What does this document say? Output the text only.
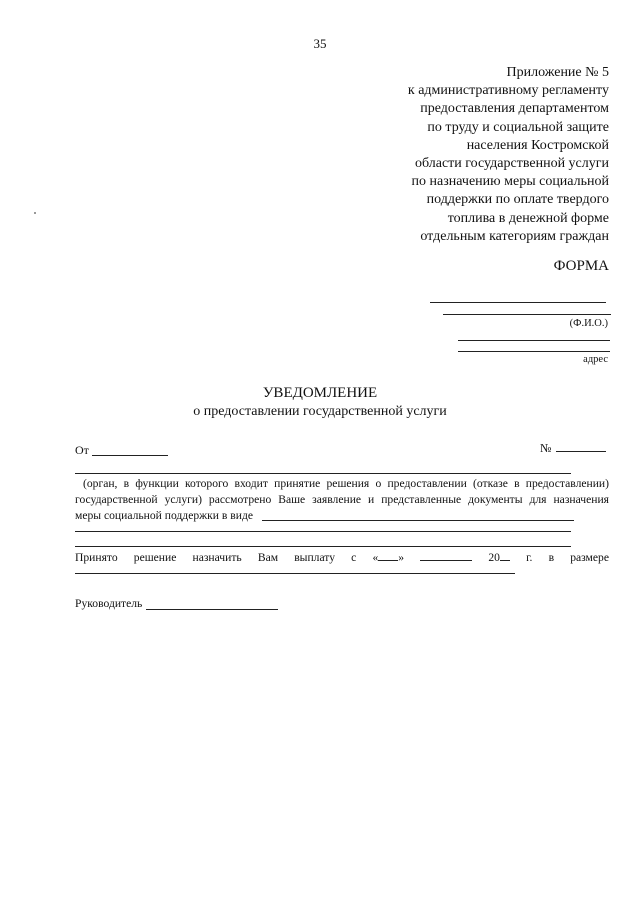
35
Приложение № 5
к административному регламенту
предоставления департаментом
по труду и социальной защите
населения Костромской
области государственной услуги
по назначению меры социальной
поддержки по оплате твердого
топлива в денежной форме
отдельным категориям граждан
ФОРМА
(Ф.И.О.)
адрес
УВЕДОМЛЕНИЕ
о предоставлении государственной услуги
От	№
(орган, в функции которого входит принятие решения о предоставлении (отказе в предоставлении)
государственной услуги) рассмотрено Ваше заявление и представленные документы для назначения
меры социальной поддержки в виде
Принято решение назначить Вам выплату с « »	20	г. в размере
Руководитель
